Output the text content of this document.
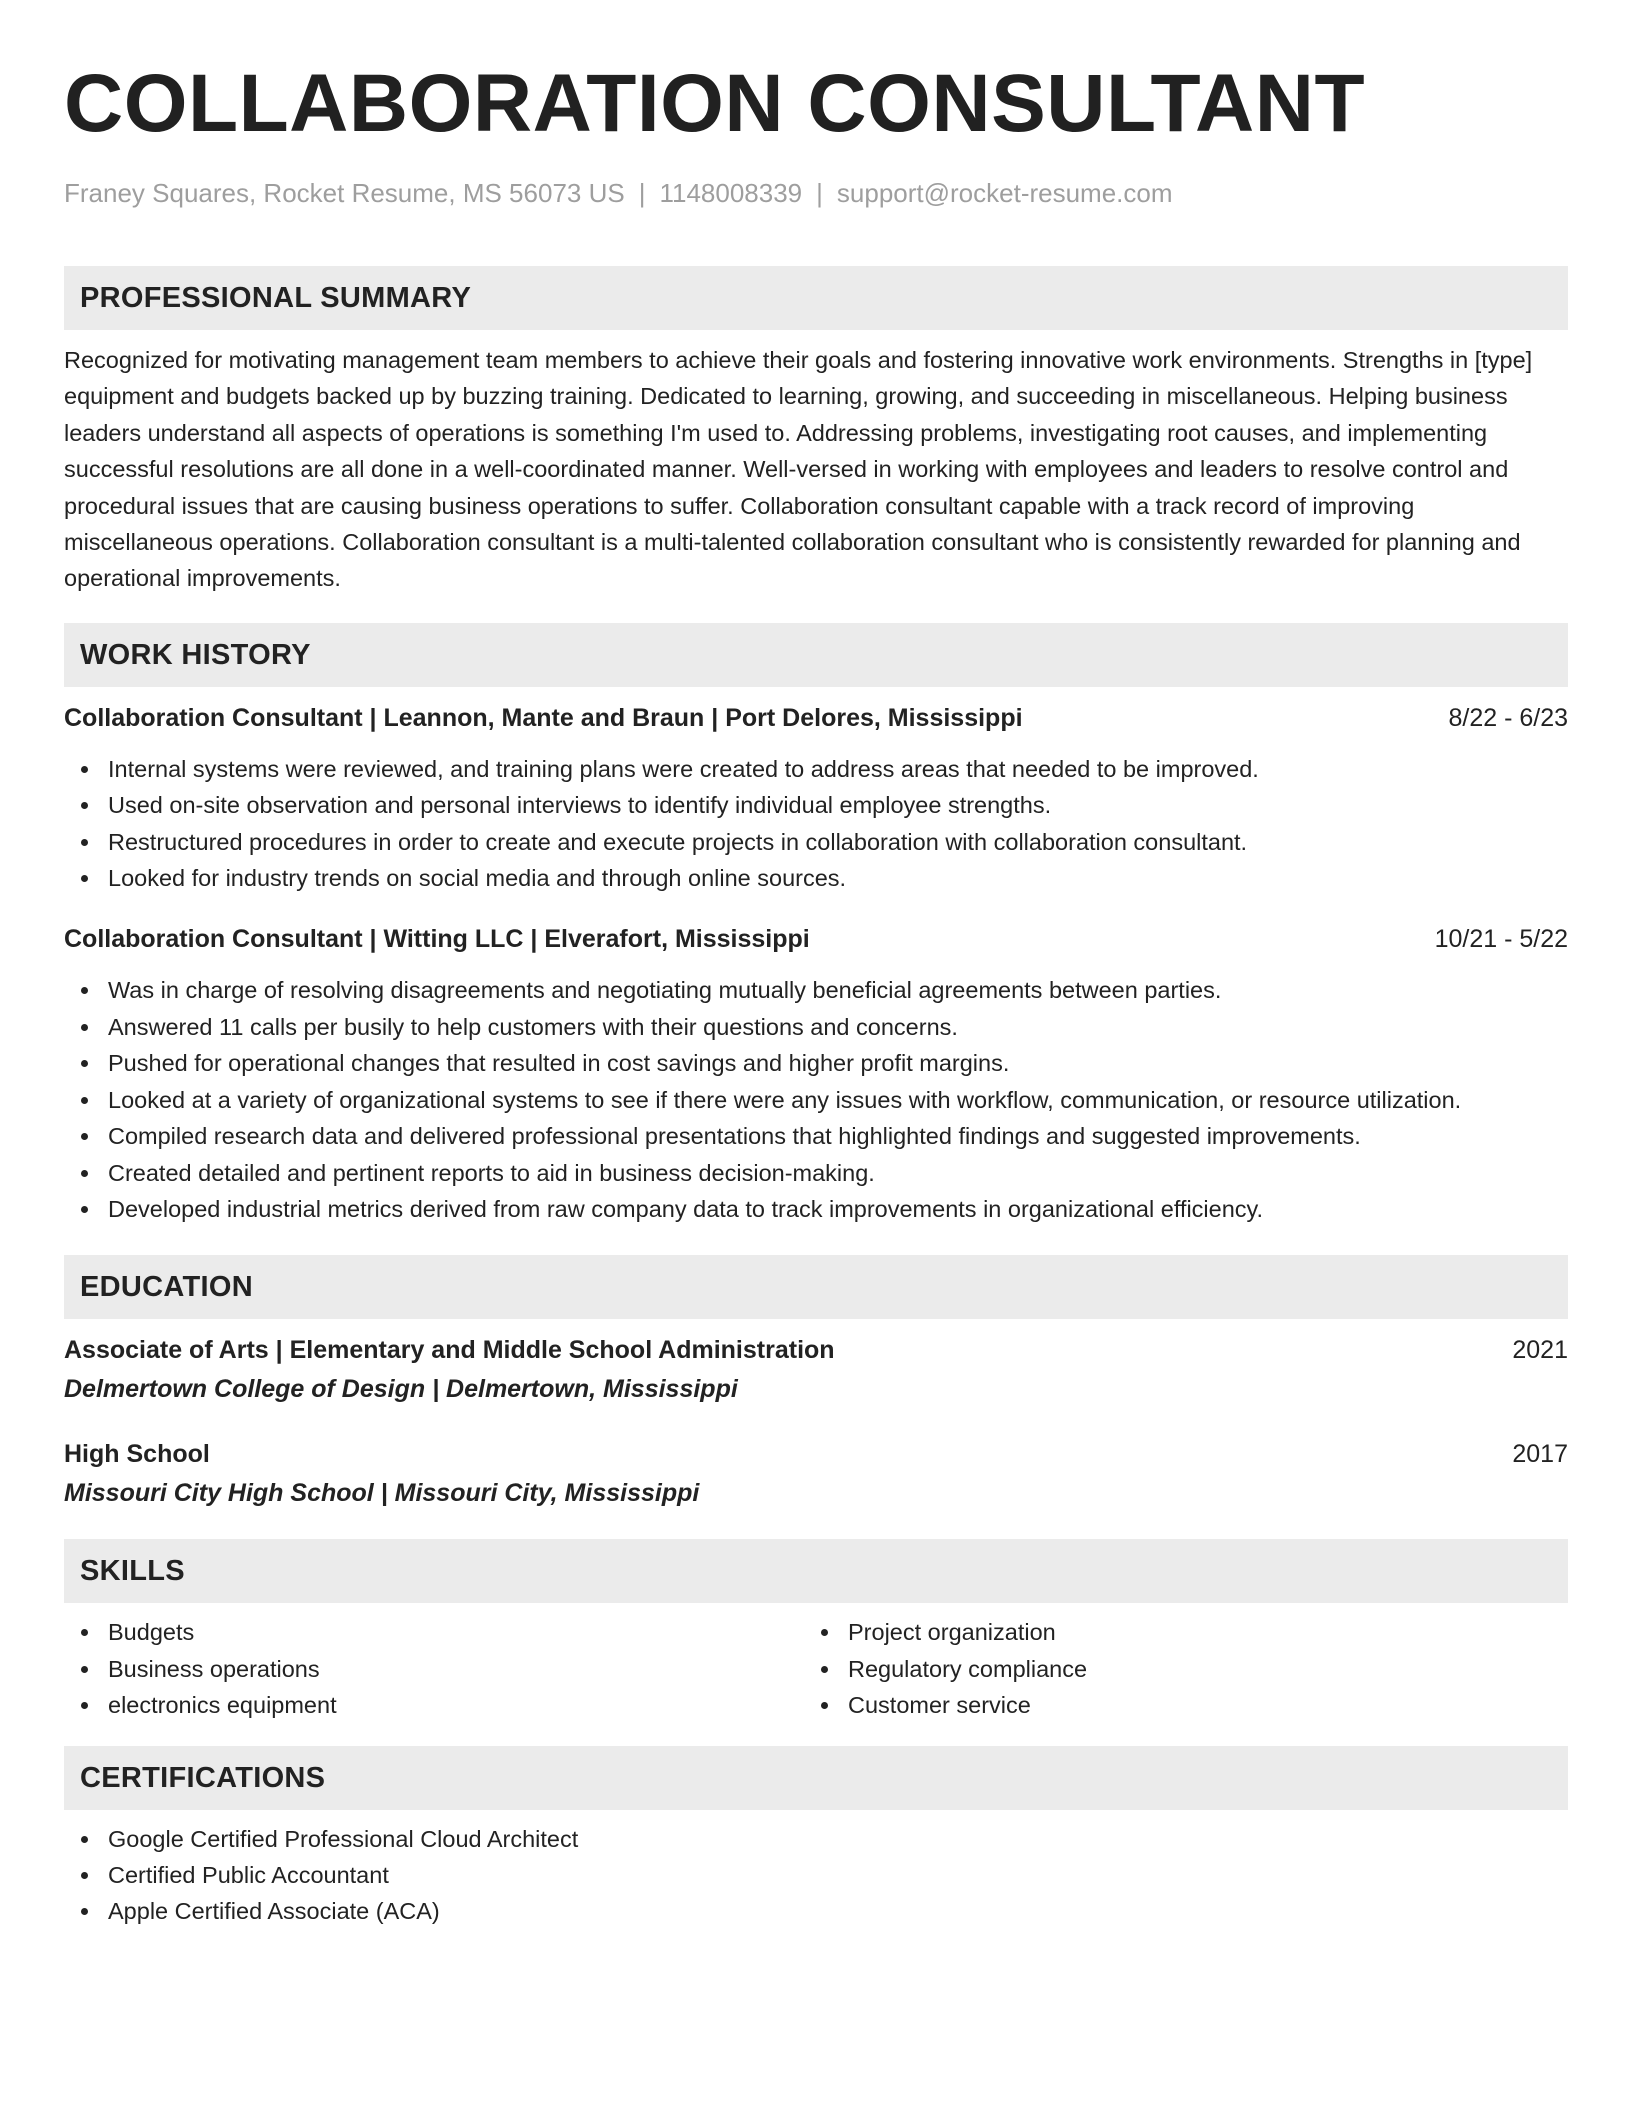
COLLABORATION CONSULTANT
Franey Squares, Rocket Resume, MS 56073 US | 1148008339 | support@rocket-resume.com
PROFESSIONAL SUMMARY

Recognized for motivating management team members to achieve their goals and fostering innovative work environments. Strengths in [type] equipment and budgets backed up by buzzing training. Dedicated to learning, growing, and succeeding in miscellaneous. Helping business leaders understand all aspects of operations is something I'm used to. Addressing problems, investigating root causes, and implementing successful resolutions are all done in a well-coordinated manner. Well-versed in working with employees and leaders to resolve control and procedural issues that are causing business operations to suffer. Collaboration consultant capable with a track record of improving miscellaneous operations. Collaboration consultant is a multi-talented collaboration consultant who is consistently rewarded for planning and operational improvements.

WORK HISTORY
Collaboration Consultant | Leannon, Mante and Braun | Port Delores, Mississippi	8/22 - 6/23
Internal systems were reviewed, and training plans were created to address areas that needed to be improved.
Used on-site observation and personal interviews to identify individual employee strengths.
Restructured procedures in order to create and execute projects in collaboration with collaboration consultant.
Looked for industry trends on social media and through online sources.
Collaboration Consultant | Witting LLC | Elverafort, Mississippi	10/21 - 5/22
Was in charge of resolving disagreements and negotiating mutually beneficial agreements between parties.
Answered 11 calls per busily to help customers with their questions and concerns.
Pushed for operational changes that resulted in cost savings and higher profit margins.
Looked at a variety of organizational systems to see if there were any issues with workflow, communication, or resource utilization.
Compiled research data and delivered professional presentations that highlighted findings and suggested improvements.
Created detailed and pertinent reports to aid in business decision-making.
Developed industrial metrics derived from raw company data to track improvements in organizational efficiency.
EDUCATION
Associate of Arts | Elementary and Middle School Administration	2021
Delmertown College of Design | Delmertown, Mississippi
High School	2017
Missouri City High School | Missouri City, Mississippi
SKILLS
Budgets
Business operations
electronics equipment
Project organization
Regulatory compliance
Customer service
CERTIFICATIONS
Google Certified Professional Cloud Architect
Certified Public Accountant
Apple Certified Associate (ACA)
